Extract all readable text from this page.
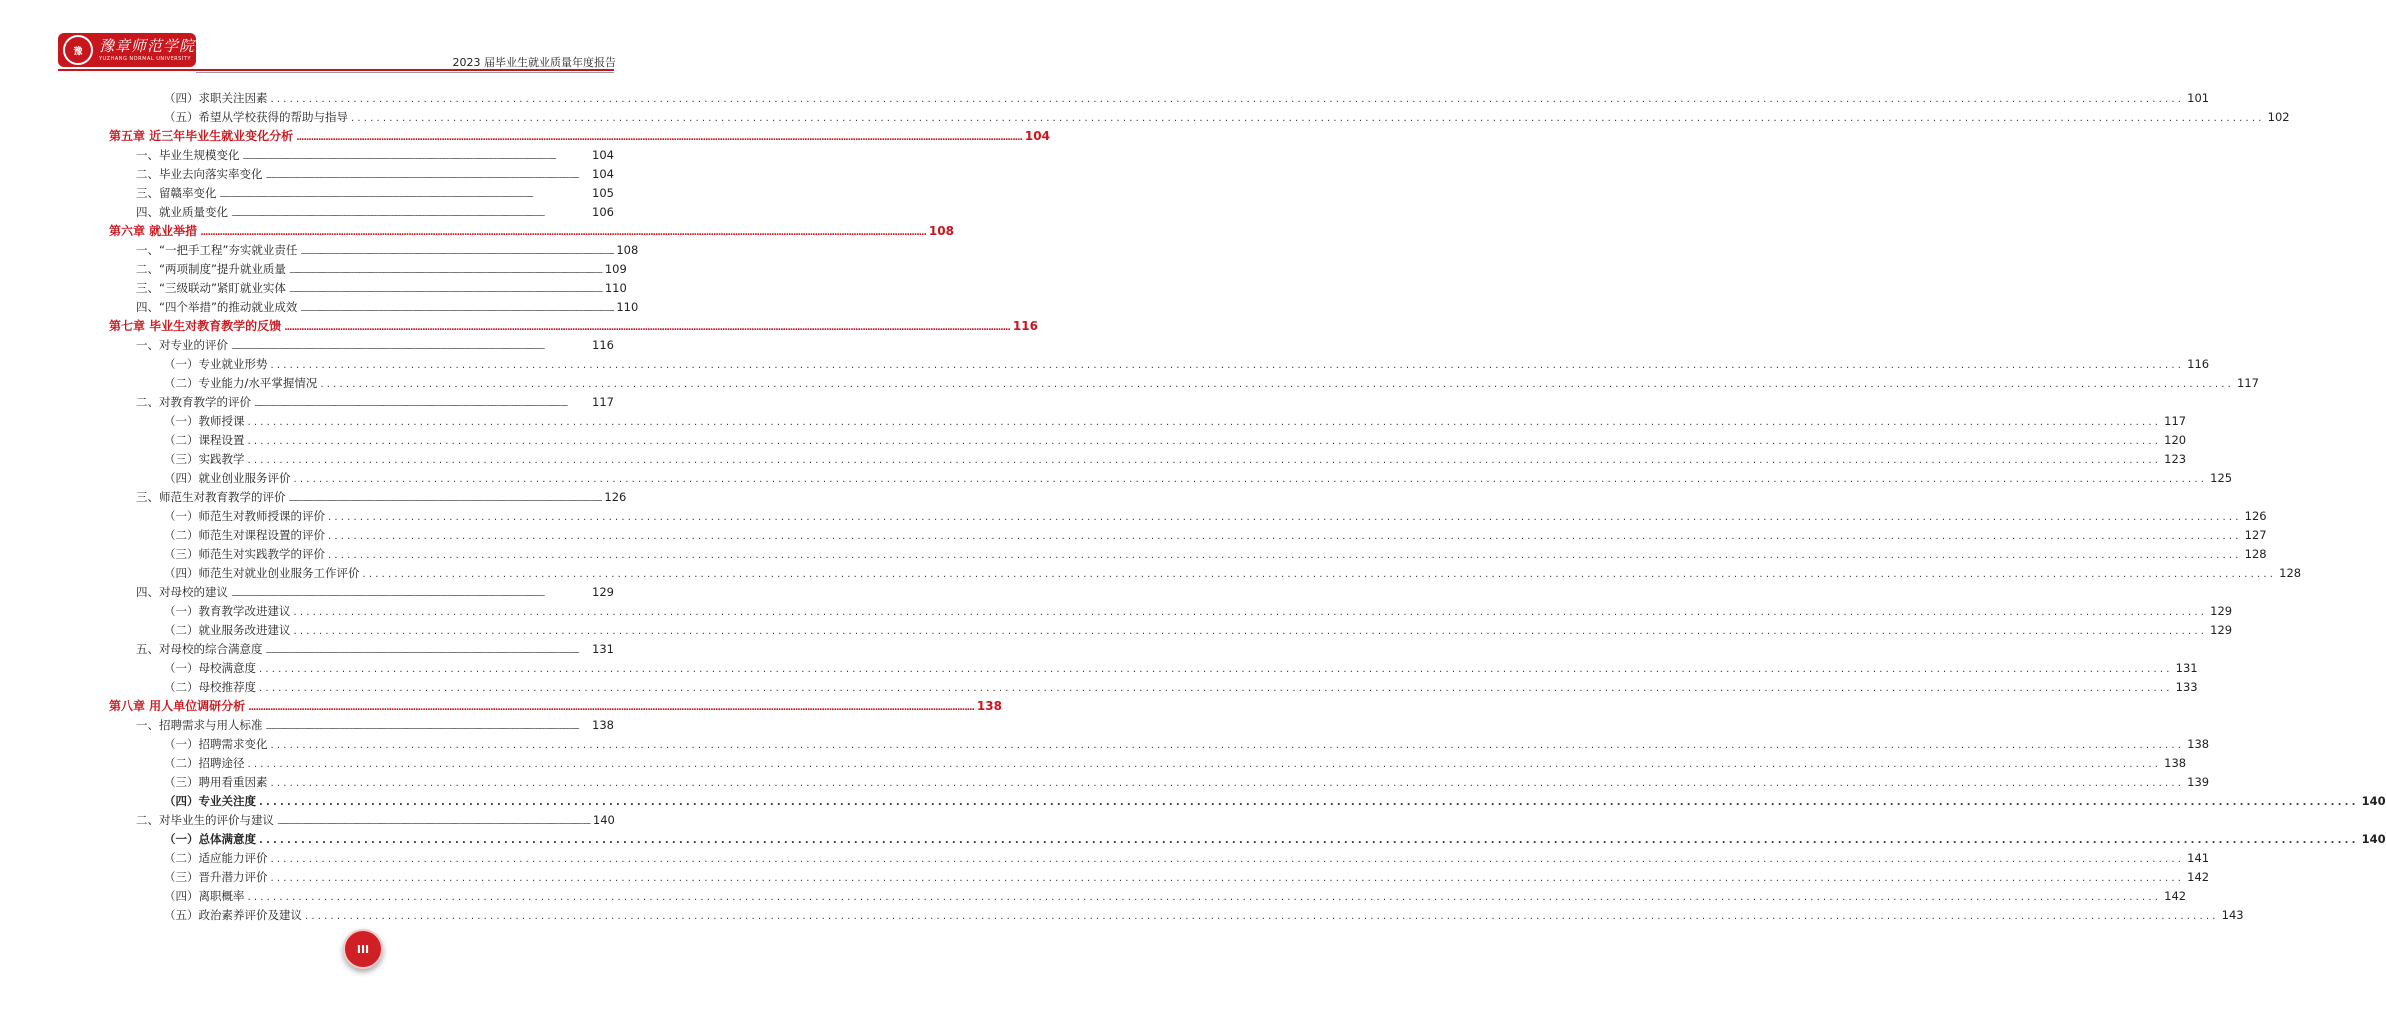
豫	豫章师范学院
YUZHANG NORMAL UNIVERSITY	2023 届毕业生就业质量年度报告
（四）求职关注因素 ............................................................................................................................................................................................................................................................................................................ 101
（五）希望从学校获得的帮助与指导 ............................................................................................................................................................................................................................................................................................................ 102
第五章 近三年毕业生就业变化分析 ............................................................................................................................................................................................................................................................................................................ 104
一、毕业生规模变化 ............................................................................................................................................................................................................................................................................................................	104
二、毕业去向落实率变化 ............................................................................................................................................................................................................................................................................................................	104
三、留赣率变化 ............................................................................................................................................................................................................................................................................................................	105
四、就业质量变化 ............................................................................................................................................................................................................................................................................................................	106
第六章 就业举措 ............................................................................................................................................................................................................................................................................................................ 108
一、“一把手工程”夯实就业责任 ............................................................................................................................................................................................................................................................................................................ 108
二、“两项制度”提升就业质量 ............................................................................................................................................................................................................................................................................................................ 109
三、“三级联动”紧盯就业实体 ............................................................................................................................................................................................................................................................................................................ 110
四、“四个举措”的推动就业成效 ............................................................................................................................................................................................................................................................................................................ 110
第七章 毕业生对教育教学的反馈 ............................................................................................................................................................................................................................................................................................................ 116
一、对专业的评价 ............................................................................................................................................................................................................................................................................................................	116
（一）专业就业形势 ............................................................................................................................................................................................................................................................................................................ 116
（二）专业能力/水平掌握情况 ............................................................................................................................................................................................................................................................................................................ 117
二、对教育教学的评价 ............................................................................................................................................................................................................................................................................................................	117
（一）教师授课 ............................................................................................................................................................................................................................................................................................................ 117
（二）课程设置 ............................................................................................................................................................................................................................................................................................................ 120
（三）实践教学 ............................................................................................................................................................................................................................................................................................................ 123
（四）就业创业服务评价 ............................................................................................................................................................................................................................................................................................................ 125
三、师范生对教育教学的评价 ............................................................................................................................................................................................................................................................................................................ 126
（一）师范生对教师授课的评价 ............................................................................................................................................................................................................................................................................................................ 126
（二）师范生对课程设置的评价 ............................................................................................................................................................................................................................................................................................................ 127
（三）师范生对实践教学的评价 ............................................................................................................................................................................................................................................................................................................ 128
（四）师范生对就业创业服务工作评价 ............................................................................................................................................................................................................................................................................................................ 128
四、对母校的建议 ............................................................................................................................................................................................................................................................................................................	129
（一）教育教学改进建议 ............................................................................................................................................................................................................................................................................................................ 129
（二）就业服务改进建议 ............................................................................................................................................................................................................................................................................................................ 129
五、对母校的综合满意度 ............................................................................................................................................................................................................................................................................................................	131
（一）母校满意度 ............................................................................................................................................................................................................................................................................................................ 131
（二）母校推荐度 ............................................................................................................................................................................................................................................................................................................ 133
第八章 用人单位调研分析 ............................................................................................................................................................................................................................................................................................................ 138
一、招聘需求与用人标准 ............................................................................................................................................................................................................................................................................................................	138
（一）招聘需求变化 ............................................................................................................................................................................................................................................................................................................ 138
（二）招聘途径 ............................................................................................................................................................................................................................................................................................................ 138
（三）聘用看重因素 ............................................................................................................................................................................................................................................................................................................ 139
（四）专业关注度 ............................................................................................................................................................................................................................................................................................................ 140
二、对毕业生的评价与建议 ............................................................................................................................................................................................................................................................................................................ 140
（一）总体满意度 ............................................................................................................................................................................................................................................................................................................ 140
（二）适应能力评价 ............................................................................................................................................................................................................................................................................................................ 141
（三）晋升潜力评价 ............................................................................................................................................................................................................................................................................................................ 142
（四）离职概率 ............................................................................................................................................................................................................................................................................................................ 142
（五）政治素养评价及建议 ............................................................................................................................................................................................................................................................................................................ 143
III
